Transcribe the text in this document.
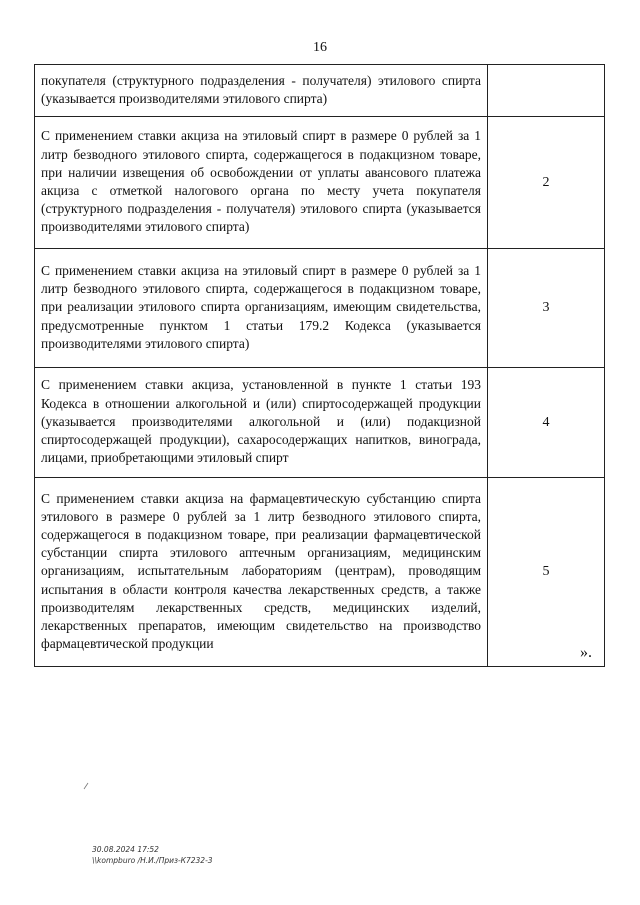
16
покупателя (структурного подразделения - получателя) этилового спирта (указывается производителями этилового спирта)	
С применением ставки акциза на этиловый спирт в размере 0 рублей за 1 литр безводного этилового спирта, содержащегося в подакцизном товаре, при наличии извещения об освобождении от уплаты авансового платежа акциза с отметкой налогового органа по месту учета покупателя (структурного подразделения - получателя) этилового спирта (указывается производителями этилового спирта)	2
С применением ставки акциза на этиловый спирт в размере 0 рублей за 1 литр безводного этилового спирта, содержащегося в подакцизном товаре, при реализации этилового спирта организациям, имеющим свидетельства, предусмотренные пунктом 1 статьи 179.2 Кодекса (указывается производителями этилового спирта)	3
С применением ставки акциза, установленной в пункте 1 статьи 193 Кодекса в отношении алкогольной и (или) спиртосодержащей продукции (указывается производителями алкогольной и (или) подакцизной спиртосодержащей продукции), сахаросодержащих напитков, винограда, лицами, приобретающими этиловый спирт	4
С применением ставки акциза на фармацевтическую субстанцию спирта этилового в размере 0 рублей за 1 литр безводного этилового спирта, содержащегося в подакцизном товаре, при реализации фармацевтической субстанции спирта этилового аптечным организациям, медицинским организациям, испытательным лабораториям (центрам), проводящим испытания в области контроля качества лекарственных средств, а также производителям лекарственных средств, медицинских изделий, лекарственных препаратов, имеющим свидетельство на производство фармацевтической продукции	5
».
30.08.2024 17:52
\\kompburo /Н.И./Приз-К7232-3
